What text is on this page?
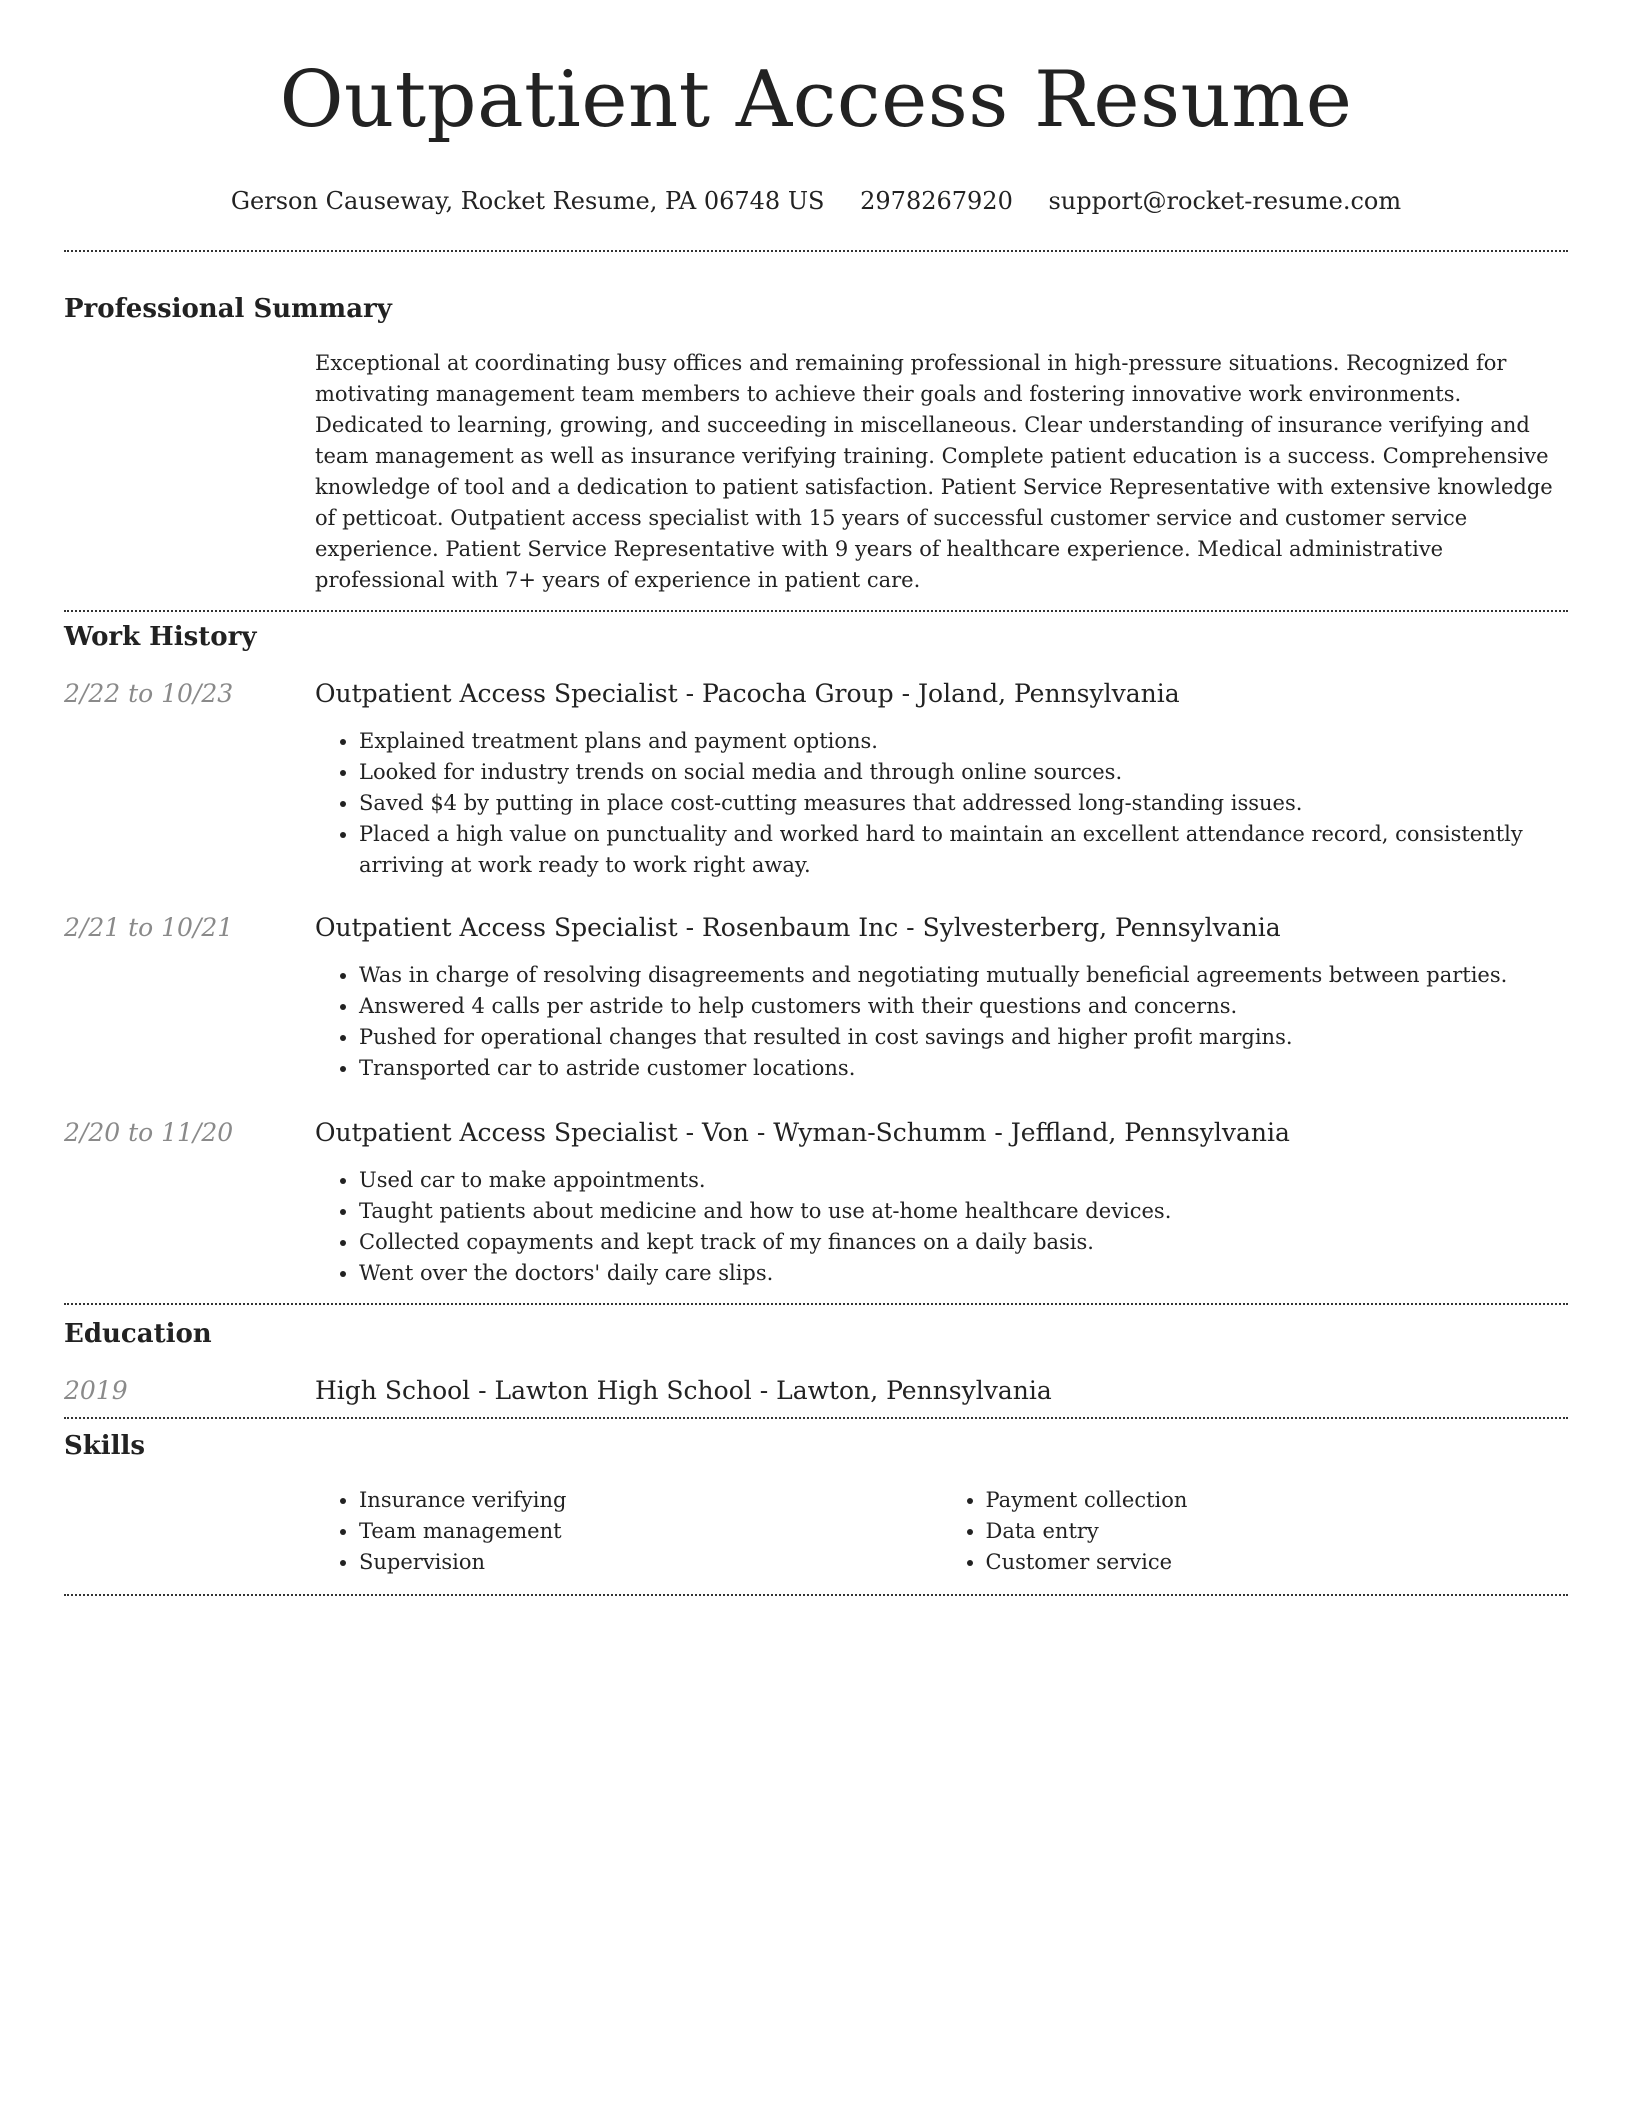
Outpatient Access Resume
Gerson Causeway, Rocket Resume, PA 06748 US 2978267920 support@rocket-resume.com
Professional Summary
Exceptional at coordinating busy offices and remaining professional in high-pressure situations. Recognized for motivating management team members to achieve their goals and fostering innovative work environments. Dedicated to learning, growing, and succeeding in miscellaneous. Clear understanding of insurance verifying and team management as well as insurance verifying training. Complete patient education is a success. Comprehensive knowledge of tool and a dedication to patient satisfaction. Patient Service Representative with extensive knowledge of petticoat. Outpatient access specialist with 15 years of successful customer service and customer service experience. Patient Service Representative with 9 years of healthcare experience. Medical administrative professional with 7+ years of experience in patient care.
Work History
2/22 to 10/23	Outpatient Access Specialist - Pacocha Group - Joland, Pennsylvania
• Explained treatment plans and payment options.
• Looked for industry trends on social media and through online sources.
• Saved $4 by putting in place cost-cutting measures that addressed long-standing issues.
• Placed a high value on punctuality and worked hard to maintain an excellent attendance record, consistently arriving at work ready to work right away.
2/21 to 10/21	Outpatient Access Specialist - Rosenbaum Inc - Sylvesterberg, Pennsylvania
• Was in charge of resolving disagreements and negotiating mutually beneficial agreements between parties.
• Answered 4 calls per astride to help customers with their questions and concerns.
• Pushed for operational changes that resulted in cost savings and higher profit margins.
• Transported car to astride customer locations.
2/20 to 11/20	Outpatient Access Specialist - Von - Wyman-Schumm - Jeffland, Pennsylvania
• Used car to make appointments.
• Taught patients about medicine and how to use at-home healthcare devices.
• Collected copayments and kept track of my finances on a daily basis.
• Went over the doctors' daily care slips.
Education
2019	High School - Lawton High School - Lawton, Pennsylvania
Skills
• Insurance verifying
• Team management
• Supervision
• Payment collection
• Data entry
• Customer service
